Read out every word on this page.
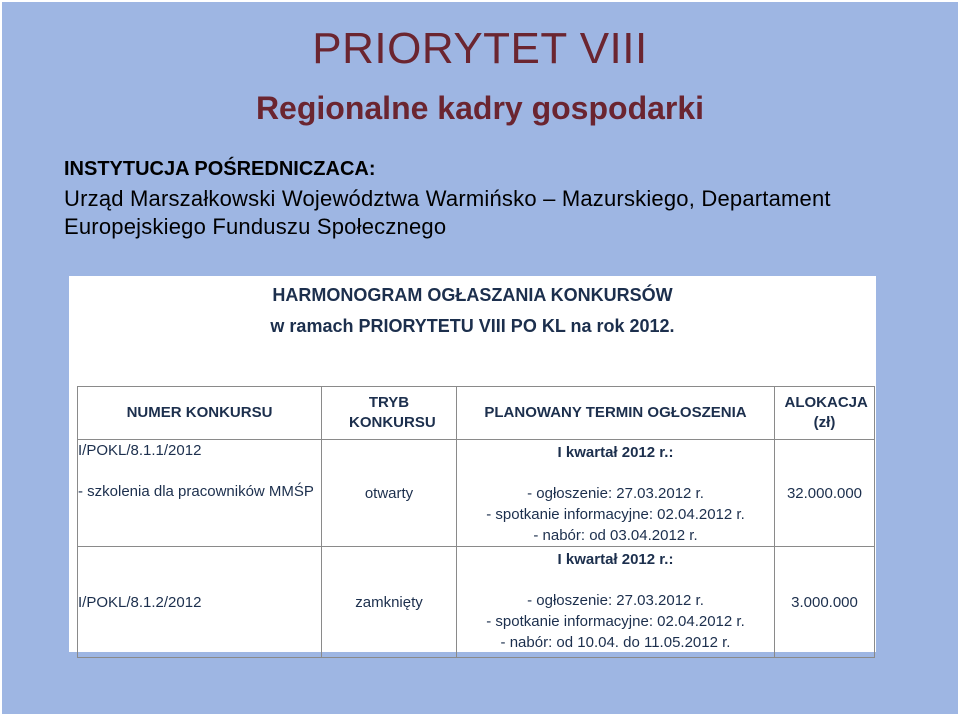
PRIORYTET VIII
Regionalne kadry gospodarki
INSTYTUCJA POŚREDNICZACA:
Urząd Marszałkowski Województwa Warmińsko – Mazurskiego, Departament Europejskiego Funduszu Społecznego
HARMONOGRAM OGŁASZANIA KONKURSÓW
w ramach PRIORYTETU VIII PO KL na rok 2012.
NUMER KONKURSU	TRYB KONKURSU	PLANOWANY TERMIN OGŁOSZENIA	ALOKACJA (zł)

I/POKL/8.1.1/2012
- szkolenia dla pracowników MMŚP	otwarty	I kwartał 2012 r.:
- ogłoszenie: 27.03.2012 r.
- spotkanie informacyjne: 02.04.2012 r.
- nabór: od 03.04.2012 r.	32.000.000
I/POKL/8.1.2/2012	zamknięty	I kwartał 2012 r.:
- ogłoszenie: 27.03.2012 r.
- spotkanie informacyjne: 02.04.2012 r.
- nabór: od 10.04. do 11.05.2012 r.	3.000.000
